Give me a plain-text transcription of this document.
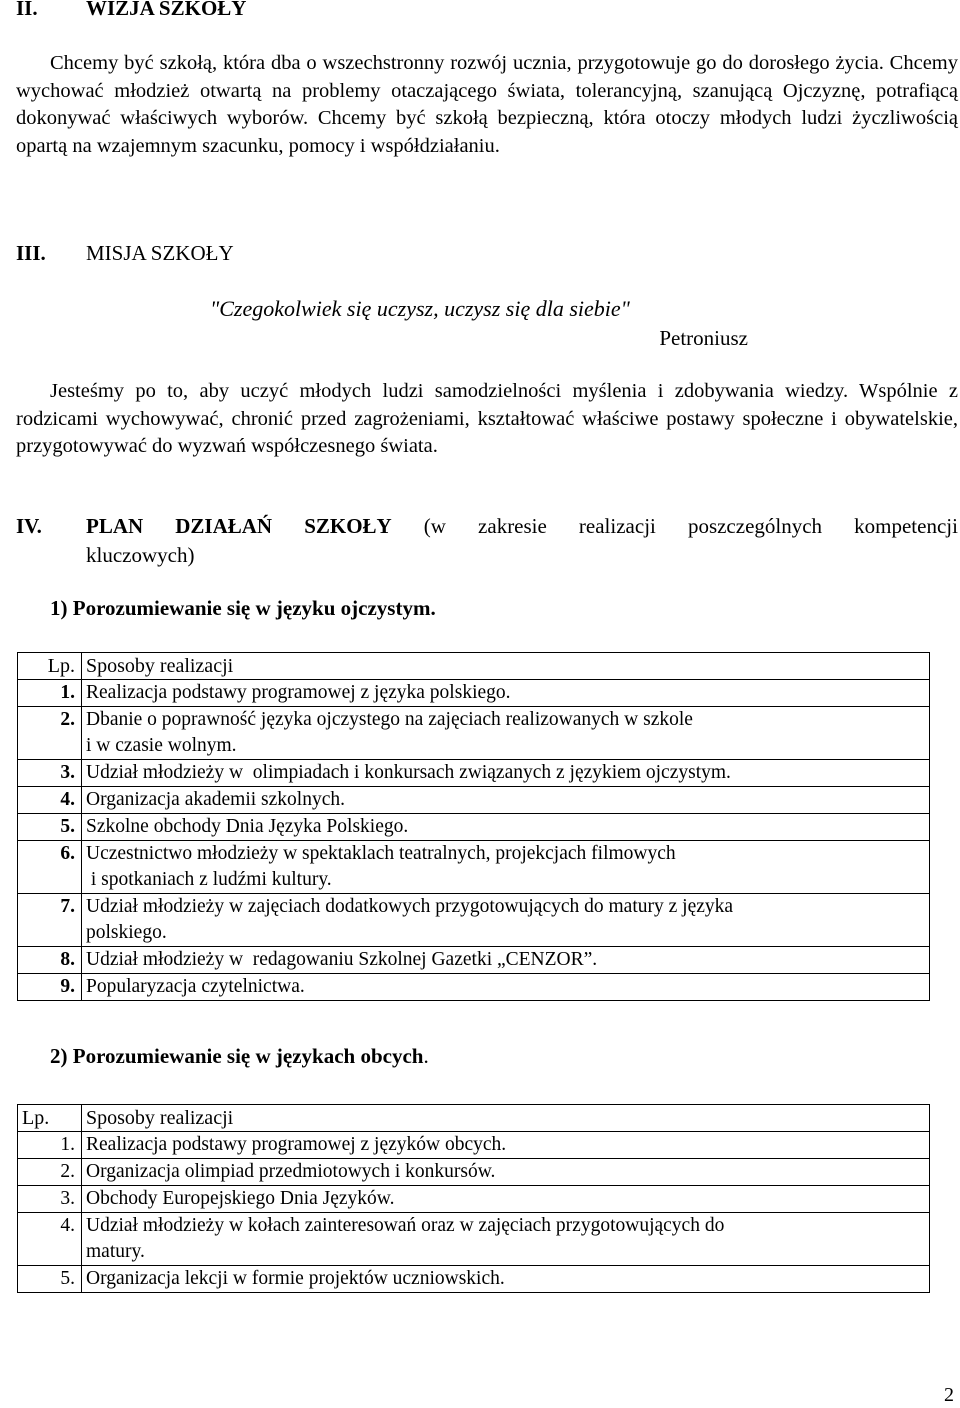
II. WIZJA SZKOŁY
Chcemy być szkołą, która dba o wszechstronny rozwój ucznia, przygotowuje go do dorosłego życia. Chcemy wychować młodzież otwartą na problemy otaczającego świata, tolerancyjną, szanującą Ojczyznę, potrafiącą dokonywać właściwych wyborów. Chcemy być szkołą bezpieczną, która otoczy młodych ludzi życzliwością opartą na wzajemnym szacunku, pomocy i współdziałaniu.
III. MISJA SZKOŁY
"Czegokolwiek się uczysz, uczysz się dla siebie"
Petroniusz
Jesteśmy po to, aby uczyć młodych ludzi samodzielności myślenia i zdobywania wiedzy. Wspólnie z rodzicami wychowywać, chronić przed zagrożeniami, kształtować właściwe postawy społeczne i obywatelskie, przygotowywać do wyzwań współczesnego świata.
IV.	PLAN DZIAŁAŃ SZKOŁY (w zakresie realizacji poszczególnych kompetencji
kluczowych)
1) Porozumiewanie się w języku ojczystym.
Lp.	Sposoby realizacji
1.	Realizacja podstawy programowej z języka polskiego.

2.	Dbanie o poprawność języka ojczystego na zajęciach realizowanych w szkole
i w czasie wolnym.

3.	Udział młodzieży w  olimpiadach i konkursach związanych z językiem ojczystym.

4.	Organizacja akademii szkolnych.

5.	Szkolne obchody Dnia Języka Polskiego.

6.	Uczestnictwo młodzieży w spektaklach teatralnych, projekcjach filmowych
i spotkaniach z ludźmi kultury.

7.	Udział młodzieży w zajęciach dodatkowych przygotowujących do matury z języka
polskiego.

8.	Udział młodzieży w  redagowaniu Szkolnej Gazetki „CENZOR”.

9.	Popularyzacja czytelnictwa.
2) Porozumiewanie się w językach obcych.
Lp.	Sposoby realizacji
1.	Realizacja podstawy programowej z języków obcych.

2.	Organizacja olimpiad przedmiotowych i konkursów.

3.	Obchody Europejskiego Dnia Języków.

4.	Udział młodzieży w kołach zainteresowań oraz w zajęciach przygotowujących do
matury.

5.	Organizacja lekcji w formie projektów uczniowskich.
2
